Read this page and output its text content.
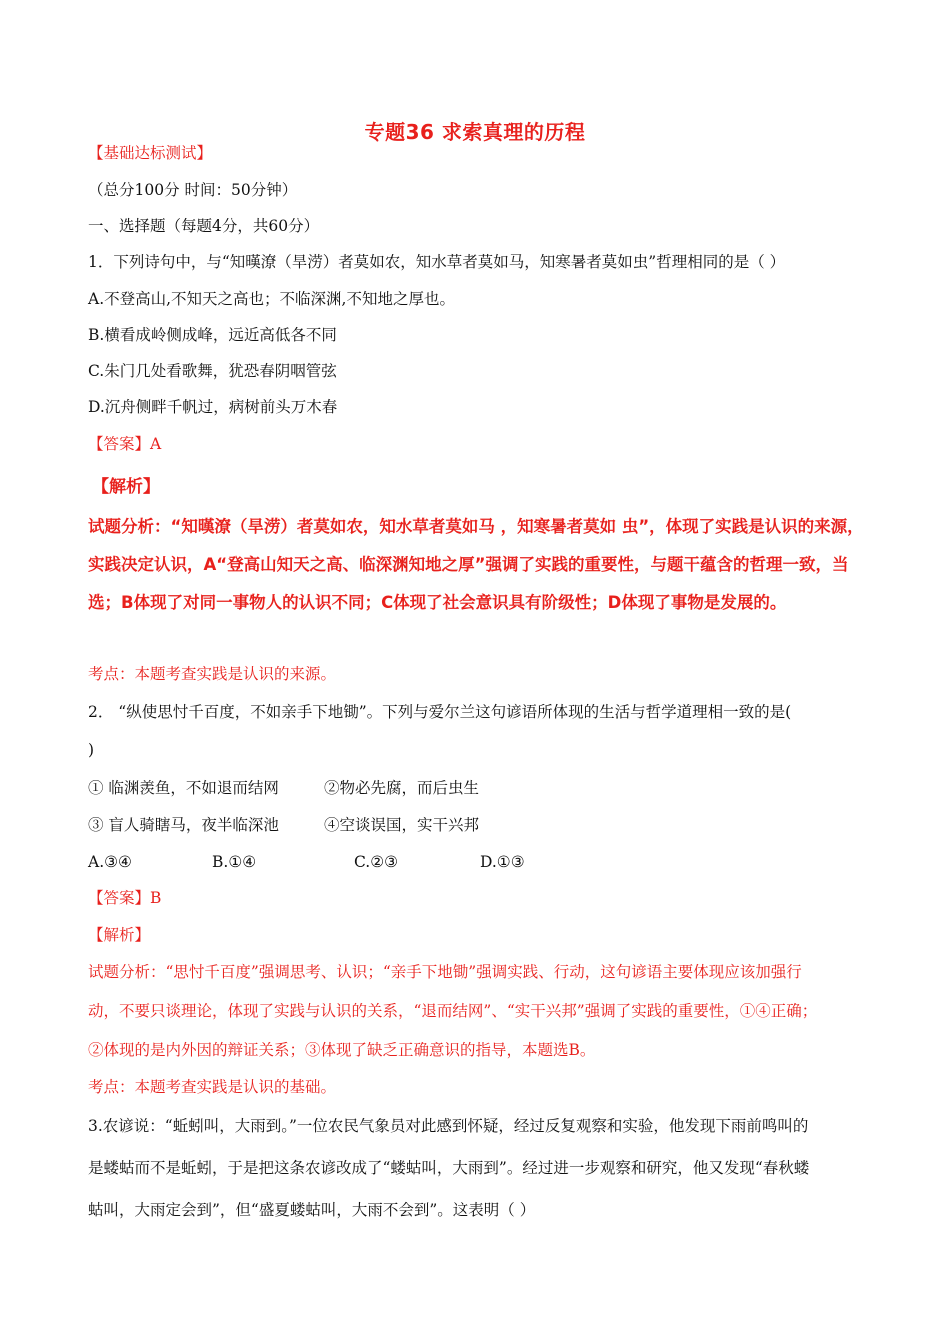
专题36 求索真理的历程
【基础达标测试】
（总分100分 时间：50分钟）
一、选择题（每题4分，共60分）
1．下列诗句中，与“知暵潦（旱涝）者莫如农，知水草者莫如马，知寒暑者莫如虫”哲理相同的是（ ）
A.不登高山,不知天之高也；不临深渊,不知地之厚也。
B.横看成岭侧成峰，远近高低各不同
C.朱门几处看歌舞，犹恐春阴咽管弦
D.沉舟侧畔千帆过，病树前头万木春
【答案】A
【解析】
试题分析：“知暵潦（旱涝）者莫如农，知水草者莫如马 ，知寒暑者莫如 虫”，体现了实践是认识的来源，
实践决定认识，A“登高山知天之高、临深渊知地之厚”强调了实践的重要性，与题干蕴含的哲理一致，当
选；B体现了对同一事物人的认识不同；C体现了社会意识具有阶级性；D体现了事物是发展的。
考点：本题考查实践是认识的来源。
2． “纵使思忖千百度，不如亲手下地锄”。下列与爱尔兰这句谚语所体现的生活与哲学道理相一致的是(
)
① 临渊羡鱼，不如退而结网	②物必先腐，而后虫生
③ 盲人骑瞎马，夜半临深池	④空谈误国，实干兴邦
A.③④	B.①④	C.②③	D.①③
【答案】B
【解析】
试题分析：“思忖千百度”强调思考、认识；“亲手下地锄”强调实践、行动，这句谚语主要体现应该加强行
动，不要只谈理论，体现了实践与认识的关系，“退而结网”、“实干兴邦”强调了实践的重要性，①④正确；
②体现的是内外因的辩证关系；③体现了缺乏正确意识的指导，本题选B。
考点：本题考查实践是认识的基础。
3.农谚说：“蚯蚓叫，大雨到。”一位农民气象员对此感到怀疑，经过反复观察和实验，他发现下雨前鸣叫的
是蝼蛄而不是蚯蚓，于是把这条农谚改成了“蝼蛄叫，大雨到”。经过进一步观察和研究，他又发现“春秋蝼
蛄叫，大雨定会到”，但“盛夏蝼蛄叫，大雨不会到”。这表明（ ）
